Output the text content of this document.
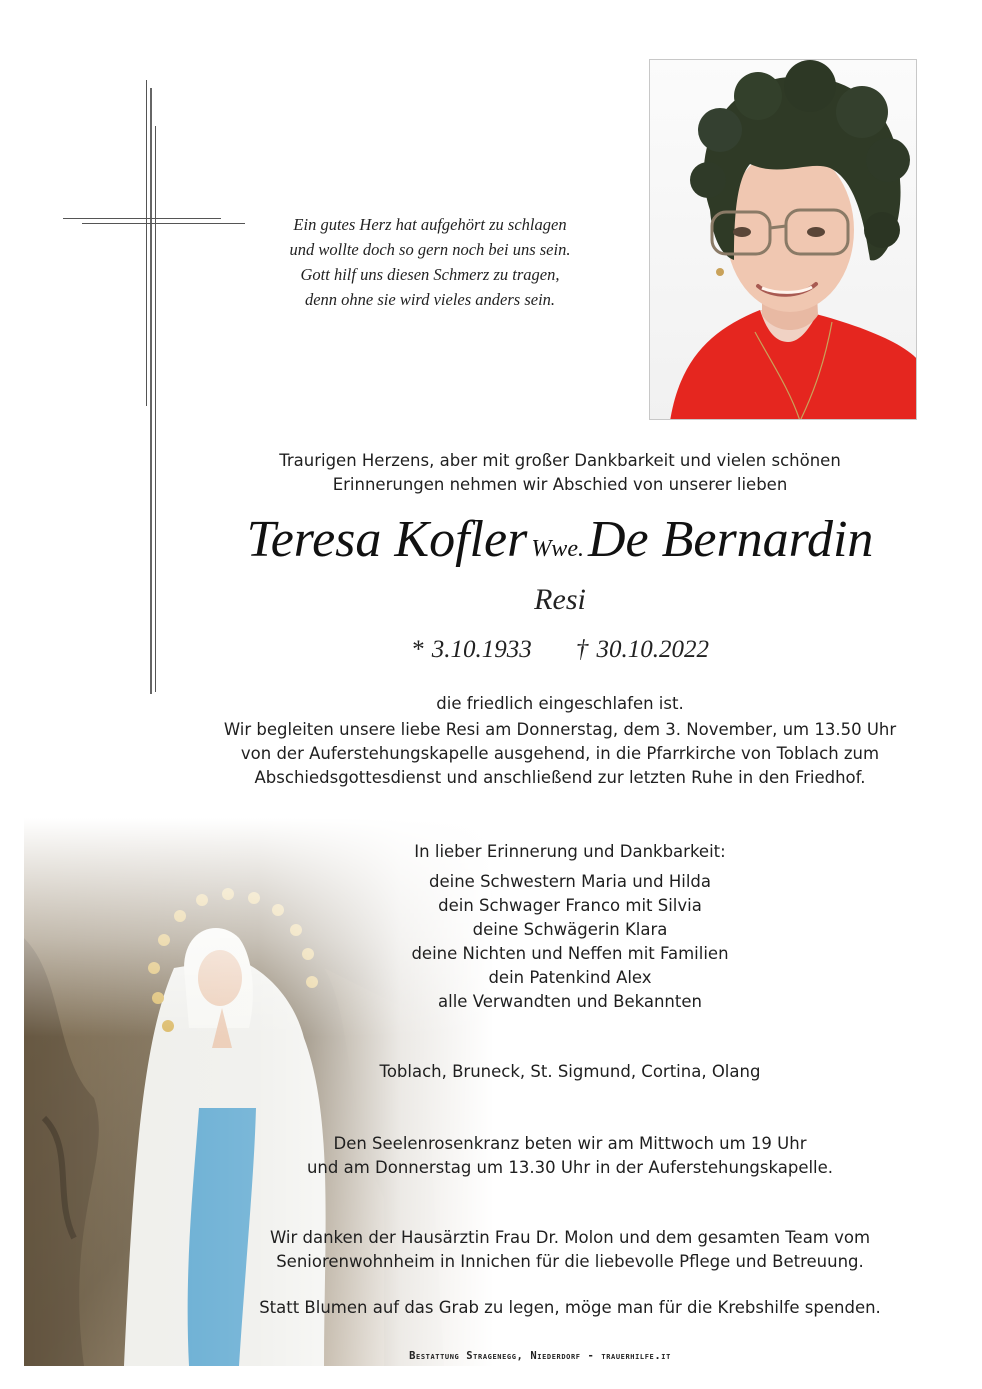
Ein gutes Herz hat aufgehört zu schlagen
und wollte doch so gern noch bei uns sein.
Gott hilf uns diesen Schmerz zu tragen,
denn ohne sie wird vieles anders sein.
Traurigen Herzens, aber mit großer Dankbarkeit und vielen schönen
Erinnerungen nehmen wir Abschied von unserer lieben
Teresa Kofler Wwe. De Bernardin
Resi
* 3.10.1933 † 30.10.2022
die friedlich eingeschlafen ist.
Wir begleiten unsere liebe Resi am Donnerstag, dem 3. November, um 13.50 Uhr
von der Auferstehungskapelle ausgehend, in die Pfarrkirche von Toblach zum
Abschiedsgottesdienst und anschließend zur letzten Ruhe in den Friedhof.
In lieber Erinnerung und Dankbarkeit:
deine Schwestern Maria und Hilda
dein Schwager Franco mit Silvia
deine Schwägerin Klara
deine Nichten und Neffen mit Familien
dein Patenkind Alex
alle Verwandten und Bekannten
Toblach, Bruneck, St. Sigmund, Cortina, Olang
Den Seelenrosenkranz beten wir am Mittwoch um 19 Uhr
und am Donnerstag um 13.30 Uhr in der Auferstehungskapelle.
Wir danken der Hausärztin Frau Dr. Molon und dem gesamten Team vom
Seniorenwohnheim in Innichen für die liebevolle Pflege und Betreuung.
Statt Blumen auf das Grab zu legen, möge man für die Krebshilfe spenden.
Bestattung Stragenegg, Niederdorf - trauerhilfe.it
